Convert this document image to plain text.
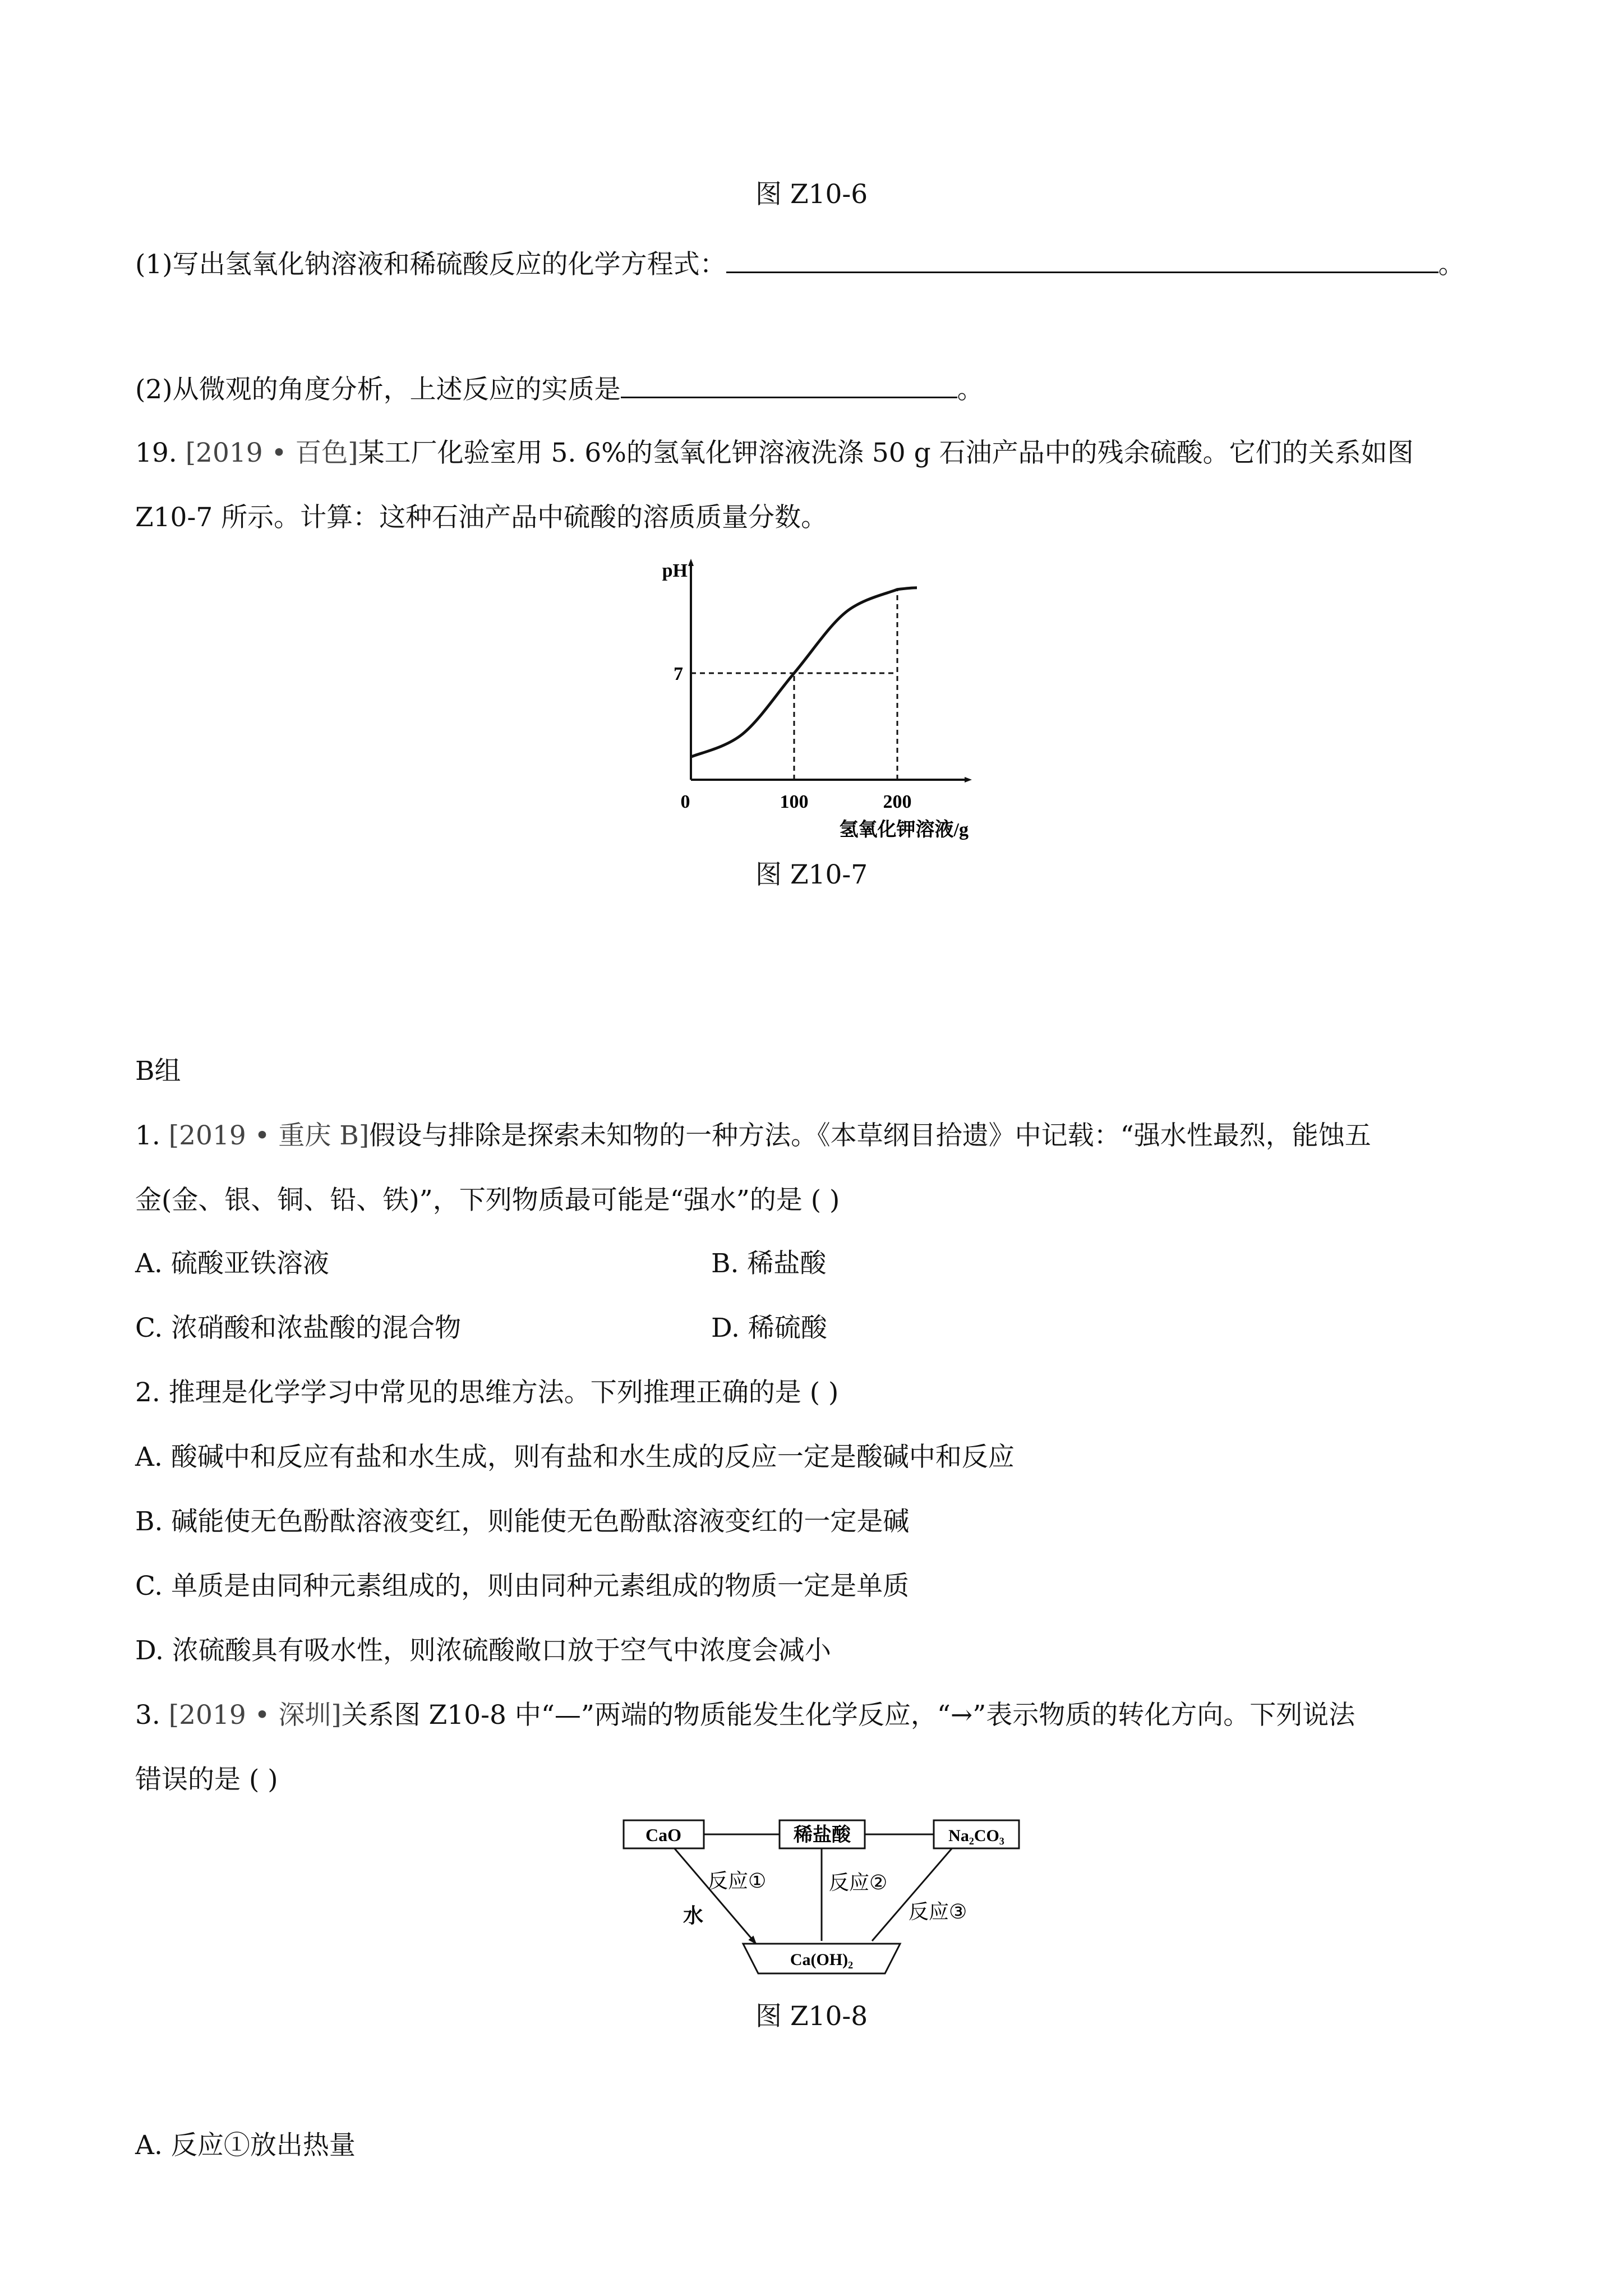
图 Z10-6
(1)写出氢氧化钠溶液和稀硫酸反应的化学方程式：	。
(2)从微观的角度分析，上述反应的实质是	。
19. [2019 • 百色]某工厂化验室用 5. 6%的氢氧化钾溶液洗涤 50 g 石油产品中的残余硫酸。它们的关系如图
Z10-7 所示。计算：这种石油产品中硫酸的溶质质量分数。
pH
氢氧化钾溶液/g
0	100	200
7
图 Z10-7
B组
1. [2019 • 重庆 B]假设与排除是探索未知物的一种方法。《本草纲目拾遗》中记载：“强水性最烈，能蚀五
金(金、银、铜、铅、铁)”，下列物质最可能是“强水”的是 ( )
A. 硫酸亚铁溶液	B. 稀盐酸
C. 浓硝酸和浓盐酸的混合物	D. 稀硫酸
2. 推理是化学学习中常见的思维方法。下列推理正确的是 ( )
A. 酸碱中和反应有盐和水生成，则有盐和水生成的反应一定是酸碱中和反应
B. 碱能使无色酚酞溶液变红，则能使无色酚酞溶液变红的一定是碱
C. 单质是由同种元素组成的，则由同种元素组成的物质一定是单质
D. 浓硫酸具有吸水性，则浓硫酸敞口放于空气中浓度会减小
3. [2019 • 深圳]关系图 Z10-8 中“—”两端的物质能发生化学反应，“→”表示物质的转化方向。下列说法
错误的是 ( )
CaO	稀盐酸	Na₂CO₃
Ca(OH)₂
反应①
水
反应②
反应③
图 Z10-8
A. 反应①放出热量
